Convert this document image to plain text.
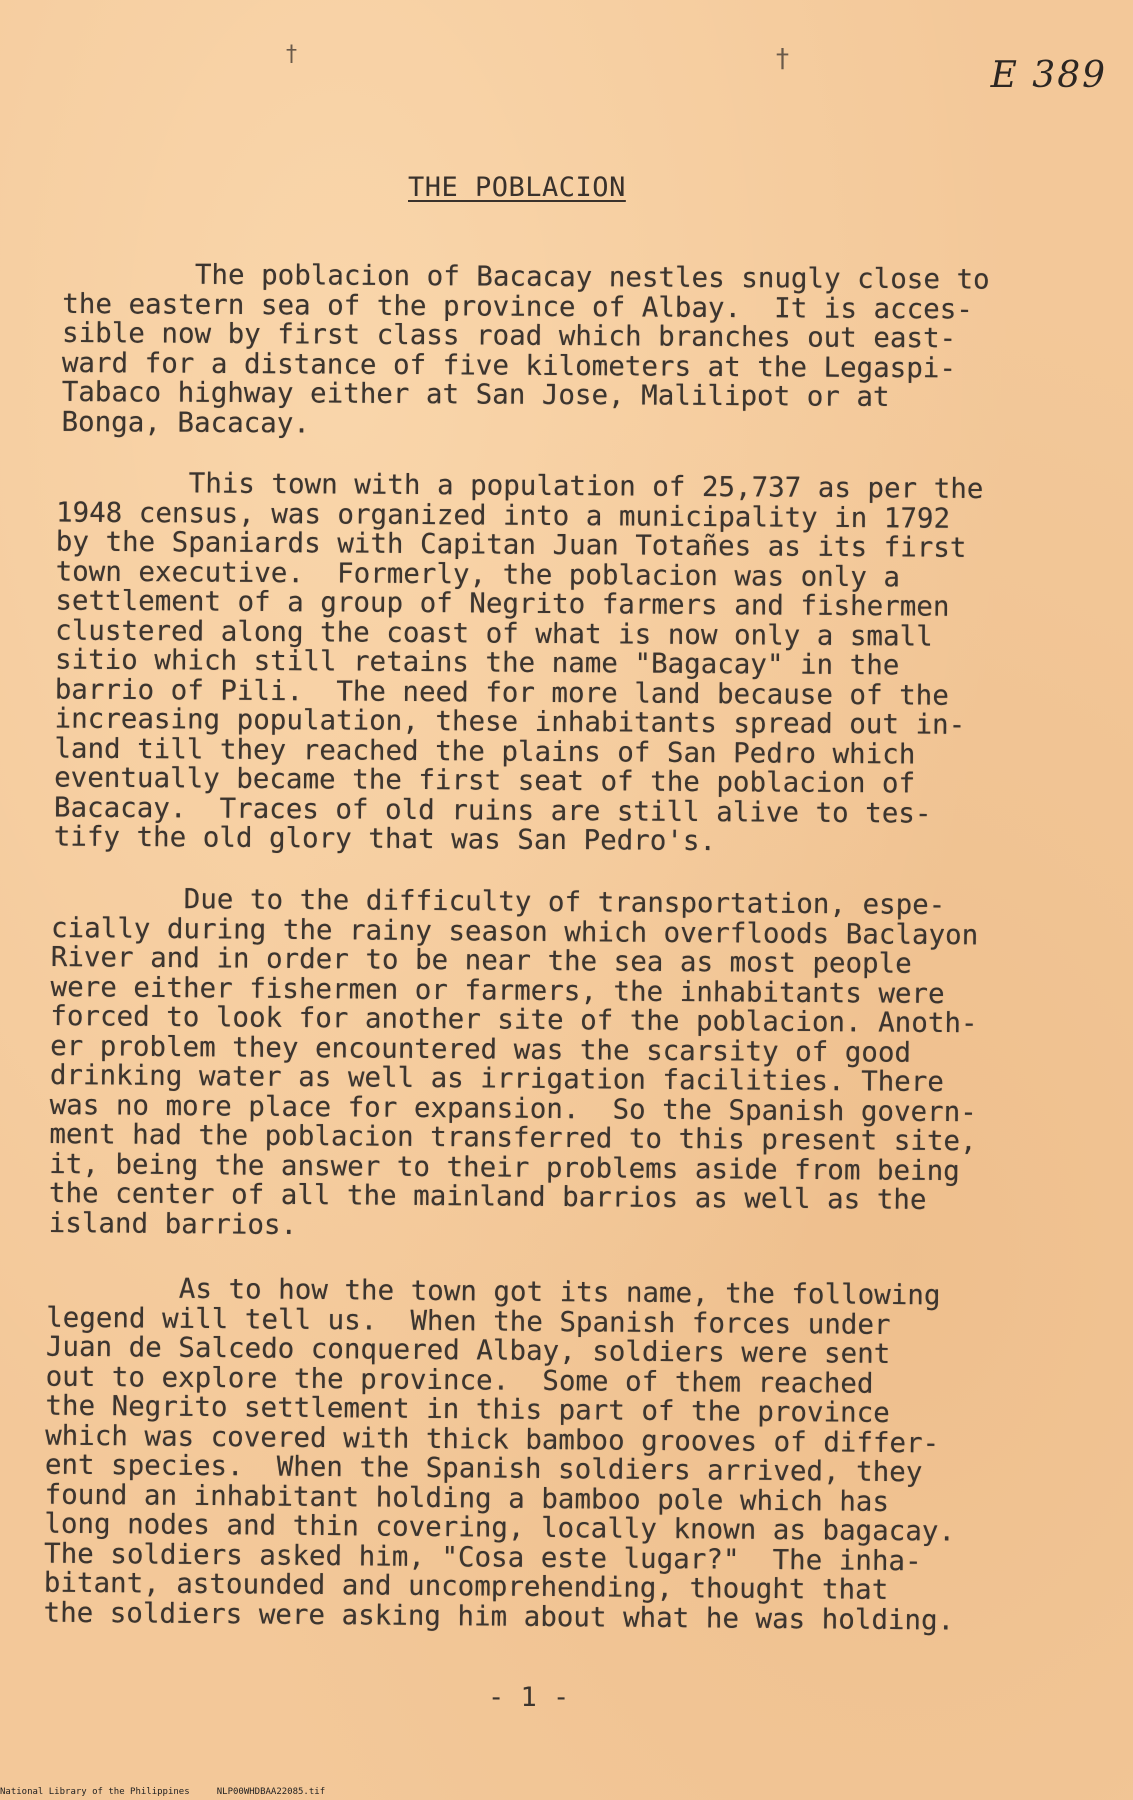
†	†	E 389
THE POBLACION
The poblacion of Bacacay nestles snugly close to
the eastern sea of the province of Albay.  It is acces-
sible now by first class road which branches out east-
ward for a distance of five kilometers at the Legaspi-
Tabaco highway either at San Jose, Malilipot or at
Bonga, Bacacay.
This town with a population of 25,737 as per the
1948 census, was organized into a municipality in 1792
by the Spaniards with Capitan Juan Totañes as its first
town executive.  Formerly, the poblacion was only a
settlement of a group of Negrito farmers and fishermen
clustered along the coast of what is now only a small
sitio which still retains the name "Bagacay" in the
barrio of Pili.  The need for more land because of the
increasing population, these inhabitants spread out in-
land till they reached the plains of San Pedro which
eventually became the first seat of the poblacion of
Bacacay.  Traces of old ruins are still alive to tes-
tify the old glory that was San Pedro's.
Due to the difficulty of transportation, espe-
cially during the rainy season which overfloods Baclayon
River and in order to be near the sea as most people
were either fishermen or farmers, the inhabitants were
forced to look for another site of the poblacion. Anoth-
er problem they encountered was the scarsity of good
drinking water as well as irrigation facilities. There
was no more place for expansion.  So the Spanish govern-
ment had the poblacion transferred to this present site,
it, being the answer to their problems aside from being
the center of all the mainland barrios as well as the
island barrios.
As to how the town got its name, the following
legend will tell us.  When the Spanish forces under
Juan de Salcedo conquered Albay, soldiers were sent
out to explore the province.  Some of them reached
the Negrito settlement in this part of the province
which was covered with thick bamboo grooves of differ-
ent species.  When the Spanish soldiers arrived, they
found an inhabitant holding a bamboo pole which has
long nodes and thin covering, locally known as bagacay.
The soldiers asked him, "Cosa este lugar?"  The inha-
bitant, astounded and uncomprehending, thought that
the soldiers were asking him about what he was holding.
- 1 -
National Library of the Philippines     NLP00WHDBAA22085.tif
